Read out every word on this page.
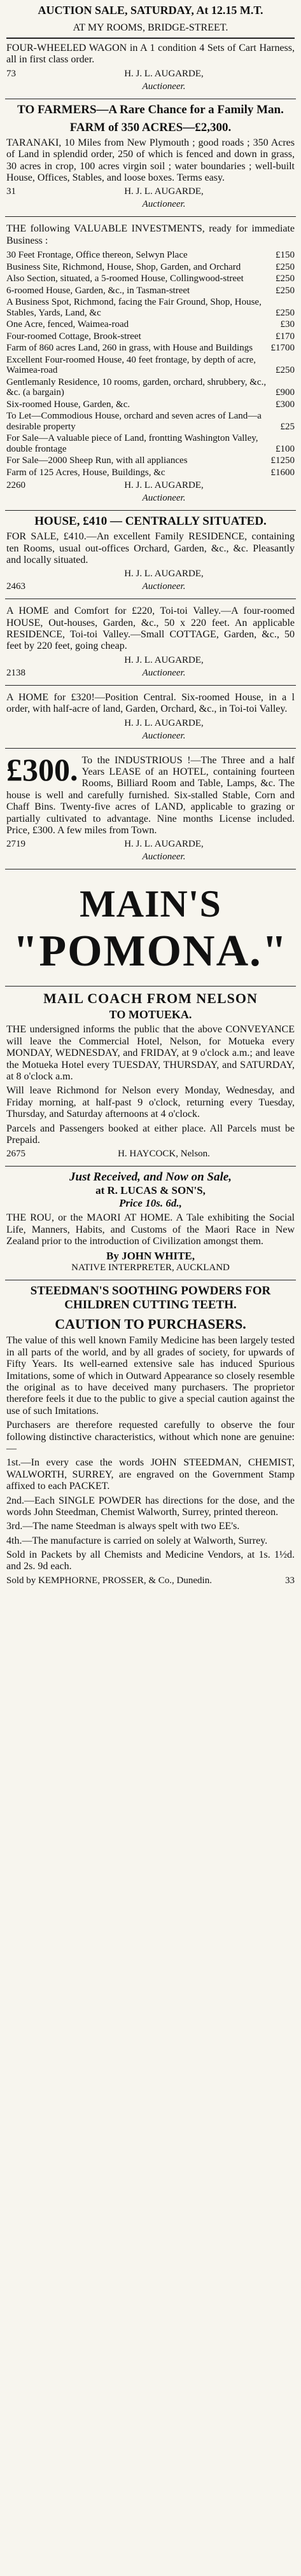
AUCTION SALE, SATURDAY, At 12.15 M.T.
AT MY ROOMS, BRIDGE-STREET.
FOUR-WHEELED WAGON in A 1 condition 4 Sets of Cart Harness, all in first class order.
73	H. J. L. AUGARDE,
Auctioneer.
TO FARMERS—A Rare Chance for a Family Man.
FARM of 350 ACRES—£2,300.
TARANAKI, 10 Miles from New Plymouth ; good roads ; 350 Acres of Land in splendid order, 250 of which is fenced and down in grass, 30 acres in crop, 100 acres virgin soil ; water boundaries ; well-built House, Offices, Stables, and loose boxes. Terms easy.
31	H. J. L. AUGARDE,
Auctioneer.
THE following VALUABLE INVESTMENTS, ready for immediate Business :
30 Feet Frontage, Office thereon, Selwyn Place	£150
Business Site, Richmond, House, Shop, Garden, and Orchard	£250
Also Section, situated, a 5-roomed House, Collingwood-street	£250
6-roomed House, Garden, &c., in Tasman-street	£250
A Business Spot, Richmond, facing the Fair Ground, Shop, House, Stables, Yards, Land, &c	£250
One Acre, fenced, Waimea-road	£30
Four-roomed Cottage, Brook-street	£170
Farm of 860 acres Land, 260 in grass, with House and Buildings	£1700
Excellent Four-roomed House, 40 feet frontage, by depth of acre, Waimea-road	£250
Gentlemanly Residence, 10 rooms, garden, orchard, shrubbery, &c., &c. (a bargain)	£900
Six-roomed House, Garden, &c.	£300
To Let—Commodious House, orchard and seven acres of Land—a desirable property	£25
For Sale—A valuable piece of Land, frontting Washington Valley, double frontage	£100
For Sale—2000 Sheep Run, with all appliances	£1250
Farm of 125 Acres, House, Buildings, &c	£1600
2260	H. J. L. AUGARDE,
Auctioneer.
HOUSE, £410 — CENTRALLY SITUATED.
FOR SALE, £410.—An excellent Family RESIDENCE, containing ten Rooms, usual out-offices Orchard, Garden, &c., &c. Pleasantly and locally situated.
H. J. L. AUGARDE,
2463	Auctioneer.
A HOME and Comfort for £220, Toi-toi Valley.—A four-roomed HOUSE, Out-houses, Garden, &c., 50 x 220 feet. An applicable RESIDENCE, Toi-toi Valley.—Small COTTAGE, Garden, &c., 50 feet by 220 feet, going cheap.
H. J. L. AUGARDE,
2138	Auctioneer.
A HOME for £320!—Position Central. Six-roomed House, in a l order, with half-acre of land, Garden, Orchard, &c., in Toi-toi Valley.
H. J. L. AUGARDE,
Auctioneer.
£300. To the INDUSTRIOUS !—The Three and a half Years LEASE of an HOTEL, containing fourteen Rooms, Billiard Room and Table, Lamps, &c. The house is well and carefully furnished. Six-stalled Stable, Corn and Chaff Bins. Twenty-five acres of LAND, applicable to grazing or partially cultivated to advantage. Nine months License included. Price, £300. A few miles from Town.
2719	H. J. L. AUGARDE,
Auctioneer.
MAIN'S
"POMONA."
MAIL COACH FROM NELSON
TO MOTUEKA.
THE undersigned informs the public that the above CONVEYANCE will leave the Commercial Hotel, Nelson, for Motueka every MONDAY, WEDNESDAY, and FRIDAY, at 9 o'clock a.m.; and leave the Motueka Hotel every TUESDAY, THURSDAY, and SATURDAY, at 8 o'clock a.m.
Will leave Richmond for Nelson every Monday, Wednesday, and Friday morning, at half-past 9 o'clock, returning every Tuesday, Thursday, and Saturday afternoons at 4 o'clock.
Parcels and Passengers booked at either place. All Parcels must be Prepaid.
2675	H. HAYCOCK, Nelson.
Just Received, and Now on Sale,
at R. LUCAS & SON'S,
Price 10s. 6d.,
THE ROU, or the MAORI AT HOME. A Tale exhibiting the Social Life, Manners, Habits, and Customs of the Maori Race in New Zealand prior to the introduction of Civilization amongst them.
By JOHN WHITE,
NATIVE INTERPRETER, AUCKLAND
STEEDMAN'S SOOTHING POWDERS FOR CHILDREN CUTTING TEETH.
CAUTION TO PURCHASERS.
The value of this well known Family Medicine has been largely tested in all parts of the world, and by all grades of society, for upwards of Fifty Years. Its well-earned extensive sale has induced Spurious Imitations, some of which in Outward Appearance so closely resemble the original as to have deceived many purchasers. The proprietor therefore feels it due to the public to give a special caution against the use of such Imitations.
Purchasers are therefore requested carefully to observe the four following distinctive characteristics, without which none are genuine:—
1st.—In every case the words JOHN STEEDMAN, CHEMIST, WALWORTH, SURREY, are engraved on the Government Stamp affixed to each PACKET.
2nd.—Each SINGLE POWDER has directions for the dose, and the words John Steedman, Chemist Walworth, Surrey, printed thereon.
3rd.—The name Steedman is always spelt with two EE's.
4th.—The manufacture is carried on solely at Walworth, Surrey.
Sold in Packets by all Chemists and Medicine Vendors, at 1s. 1½d. and 2s. 9d each.
Sold by KEMPHORNE, PROSSER, & Co., Dunedin.	33
